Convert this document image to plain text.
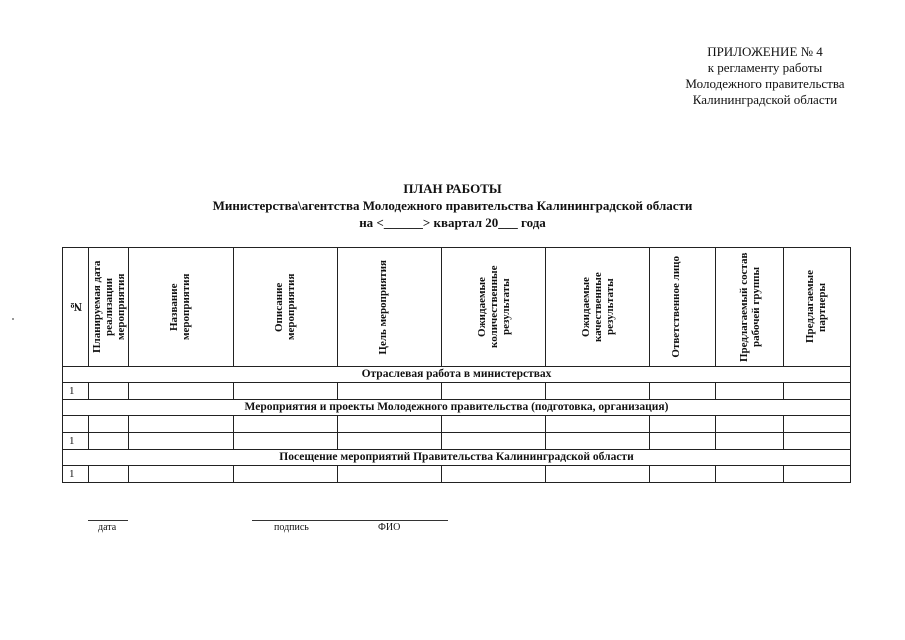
ПРИЛОЖЕНИЕ № 4
к регламенту работы
Молодежного правительства
Калининградской области
ПЛАН РАБОТЫ
Министерства\агентства Молодежного правительства Калининградской области
на <______> квартал 20___ года
№	Планируемая дата реализации мероприятия	Название мероприятия	Описание мероприятия	Цель мероприятия	Ожидаемые количественные результаты	Ожидаемые качественные результаты	Ответственное лицо	Предлагаемый состав рабочей группы	Предлагаемые партнеры

Отраслевая работа в министерствах									
1									
Мероприятия и проекты Молодежного правительства (подготовка, организация)									

1									
Посещение мероприятий Правительства Калининградской области									
1									
дата	подпись	ФИО
